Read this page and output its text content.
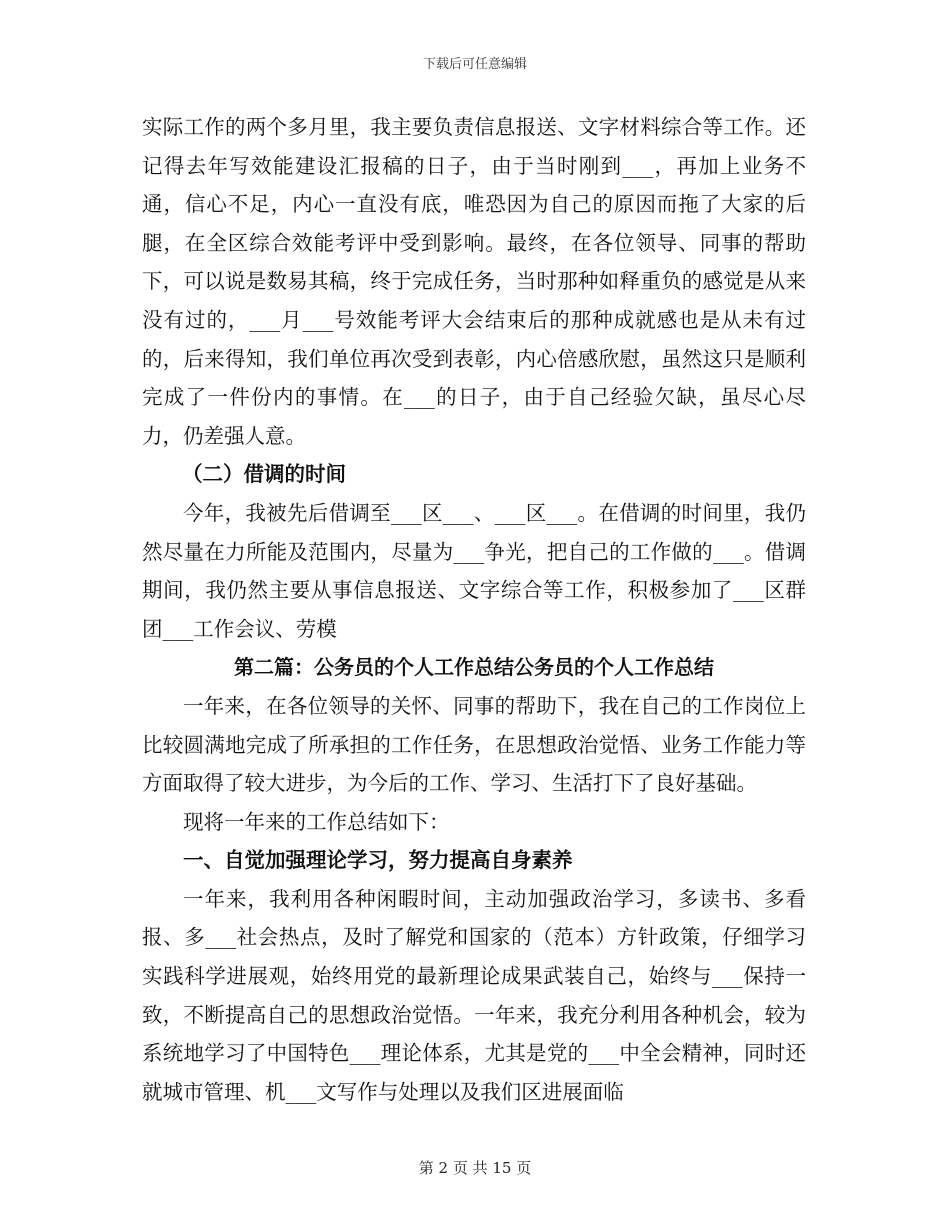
下载后可任意编辑

实际工作的两个多月里，我主要负责信息报送、文字材料综合等工作。还记得去年写效能建设汇报稿的日子，由于当时刚到___，再加上业务不通，信心不足，内心一直没有底，唯恐因为自己的原因而拖了大家的后腿，在全区综合效能考评中受到影响。最终，在各位领导、同事的帮助下，可以说是数易其稿，终于完成任务，当时那种如释重负的感觉是从来没有过的，___月___号效能考评大会结束后的那种成就感也是从未有过的，后来得知，我们单位再次受到表彰，内心倍感欣慰，虽然这只是顺利完成了一件份内的事情。在___的日子，由于自己经验欠缺，虽尽心尽力，仍差强人意。

（二）借调的时间

今年，我被先后借调至___区___、___区___。在借调的时间里，我仍然尽量在力所能及范围内，尽量为___争光，把自己的工作做的___。借调期间，我仍然主要从事信息报送、文字综合等工作，积极参加了___区群团___工作会议、劳模

第二篇：公务员的个人工作总结公务员的个人工作总结

一年来，在各位领导的关怀、同事的帮助下，我在自己的工作岗位上比较圆满地完成了所承担的工作任务，在思想政治觉悟、业务工作能力等方面取得了较大进步，为今后的工作、学习、生活打下了良好基础。

现将一年来的工作总结如下：

一、自觉加强理论学习，努力提高自身素养

一年来，我利用各种闲暇时间，主动加强政治学习，多读书、多看报、多___社会热点，及时了解党和国家的（范本）方针政策，仔细学习实践科学进展观，始终用党的最新理论成果武装自己，始终与___保持一致，不断提高自己的思想政治觉悟。一年来，我充分利用各种机会，较为系统地学习了中国特色___理论体系，尤其是党的___中全会精神，同时还就城市管理、机___文写作与处理以及我们区进展面临

第 2 页 共 15 页
